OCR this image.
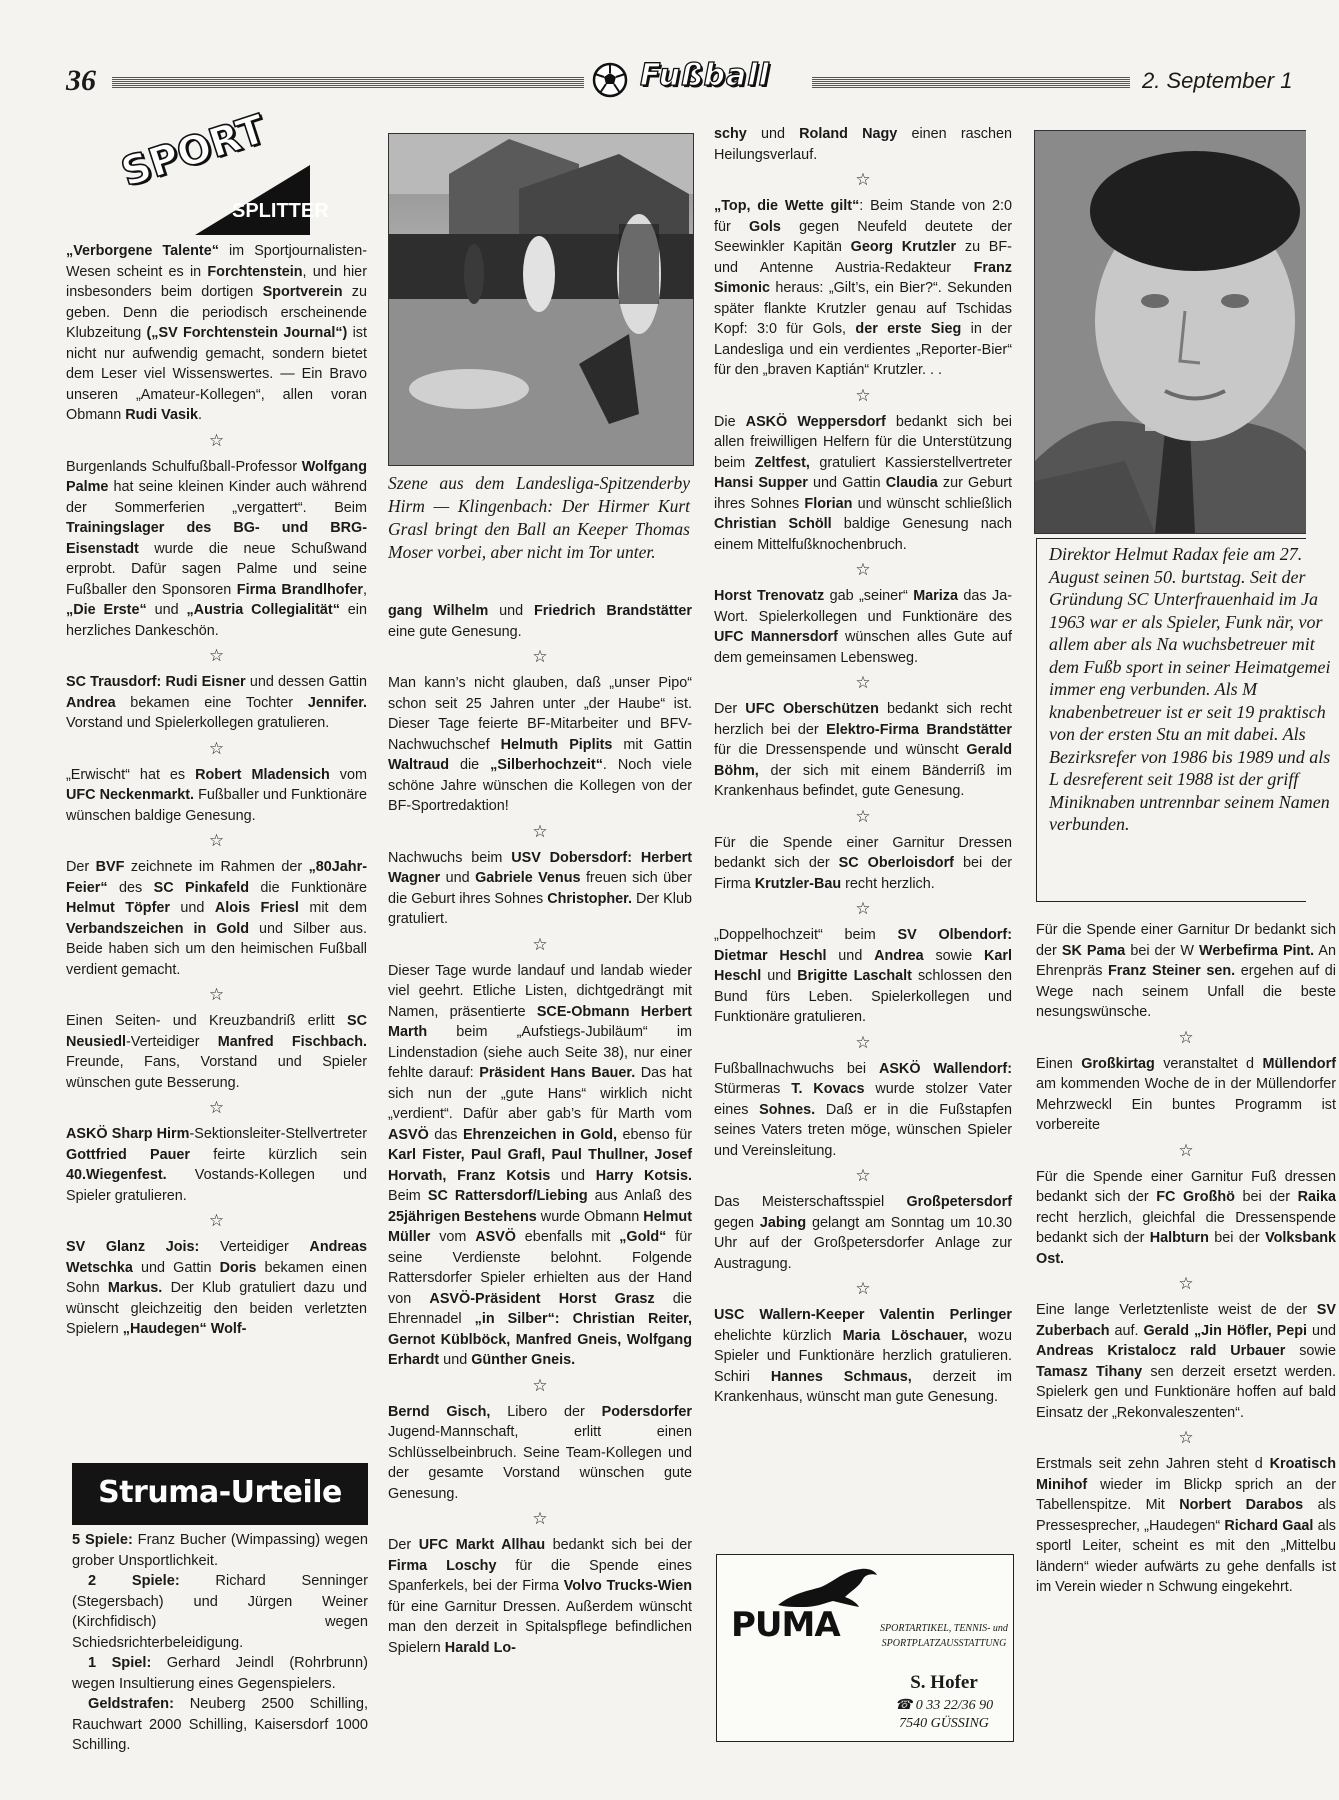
36	Fußball	2. September 1
SPORT
SPLITTER

„Verborgene Talente“ im Sportjournalisten-Wesen scheint es in Forchtenstein, und hier insbesonders beim dortigen Sportverein zu geben. Denn die periodisch erscheinende Klubzeitung („SV Forchtenstein Journal“) ist nicht nur aufwendig gemacht, sondern bietet dem Leser viel Wissenswertes. — Ein Bravo unseren „Amateur-Kollegen“, allen voran Obmann Rudi Vasik.

☆

Burgenlands Schulfußball-Professor Wolfgang Palme hat seine kleinen Kinder auch während der Sommerferien „vergattert“. Beim Trainingslager des BG- und BRG-Eisenstadt wurde die neue Schußwand erprobt. Dafür sagen Palme und seine Fußballer den Sponsoren Firma Brandlhofer, „Die Erste“ und „Austria Collegialität“ ein herzliches Dankeschön.

☆

SC Trausdorf: Rudi Eisner und dessen Gattin Andrea bekamen eine Tochter Jennifer. Vorstand und Spielerkollegen gratulieren.

☆

„Erwischt“ hat es Robert Mladensich vom UFC Neckenmarkt. Fußballer und Funktionäre wünschen baldige Genesung.

☆

Der BVF zeichnete im Rahmen der „80Jahr-Feier“ des SC Pinkafeld die Funktionäre Helmut Töpfer und Alois Friesl mit dem Verbandszeichen in Gold und Silber aus. Beide haben sich um den heimischen Fußball verdient gemacht.

☆

Einen Seiten- und Kreuzbandriß erlitt SC Neusiedl-Verteidiger Manfred Fischbach. Freunde, Fans, Vorstand und Spieler wünschen gute Besserung.

☆

ASKÖ Sharp Hirm-Sektionsleiter-Stellvertreter Gottfried Pauer feirte kürzlich sein 40.Wiegenfest. Vostands-Kollegen und Spieler gratulieren.

☆

SV Glanz Jois: Verteidiger Andreas Wetschka und Gattin Doris bekamen einen Sohn Markus. Der Klub gratuliert dazu und wünscht gleichzeitig den beiden verletzten Spielern „Haudegen“ Wolf-

Struma-Urteile

5 Spiele: Franz Bucher (Wimpassing) wegen grober Unsportlichkeit.

2 Spiele: Richard Senninger (Stegersbach) und Jürgen Weiner (Kirchfidisch) wegen Schiedsrichterbeleidigung.

1 Spiel: Gerhard Jeindl (Rohrbrunn) wegen Insultierung eines Gegenspielers.

Geldstrafen: Neuberg 2500 Schilling, Rauchwart 2000 Schilling, Kaisersdorf 1000 Schilling.

Szene aus dem Landesliga-Spitzenderby Hirm — Klingenbach: Der Hirmer Kurt Grasl bringt den Ball an Keeper Thomas Moser vorbei, aber nicht im Tor unter.

gang Wilhelm und Friedrich Brandstätter eine gute Genesung.

☆

Man kann’s nicht glauben, daß „unser Pipo“ schon seit 25 Jahren unter „der Haube“ ist. Dieser Tage feierte BF-Mitarbeiter und BFV-Nachwuchschef Helmuth Piplits mit Gattin Waltraud die „Silberhochzeit“. Noch viele schöne Jahre wünschen die Kollegen von der BF-Sportredaktion!

☆

Nachwuchs beim USV Dobersdorf: Herbert Wagner und Gabriele Venus freuen sich über die Geburt ihres Sohnes Christopher. Der Klub gratuliert.

☆

Dieser Tage wurde landauf und landab wieder viel geehrt. Etliche Listen, dichtgedrängt mit Namen, präsentierte SCE-Obmann Herbert Marth beim „Aufstiegs-Jubiläum“ im Lindenstadion (siehe auch Seite 38), nur einer fehlte darauf: Präsident Hans Bauer. Das hat sich nun der „gute Hans“ wirklich nicht „verdient“. Dafür aber gab’s für Marth vom ASVÖ das Ehrenzeichen in Gold, ebenso für Karl Fister, Paul Grafl, Paul Thullner, Josef Horvath, Franz Kotsis und Harry Kotsis. Beim SC Rattersdorf/Liebing aus Anlaß des 25jährigen Bestehens wurde Obmann Helmut Müller vom ASVÖ ebenfalls mit „Gold“ für seine Verdienste belohnt. Folgende Rattersdorfer Spieler erhielten aus der Hand von ASVÖ-Präsident Horst Grasz die Ehrennadel „in Silber“: Christian Reiter, Gernot Küblböck, Manfred Gneis, Wolfgang Erhardt und Günther Gneis.

☆

Bernd Gisch, Libero der Podersdorfer Jugend-Mannschaft, erlitt einen Schlüsselbeinbruch. Seine Team-Kollegen und der gesamte Vorstand wünschen gute Genesung.

☆

Der UFC Markt Allhau bedankt sich bei der Firma Loschy für die Spende eines Spanferkels, bei der Firma Volvo Trucks-Wien für eine Garnitur Dressen. Außerdem wünscht man den derzeit in Spitalspflege befindlichen Spielern Harald Lo-

schy und Roland Nagy einen raschen Heilungsverlauf.

☆

„Top, die Wette gilt“: Beim Stande von 2:0 für Gols gegen Neufeld deutete der Seewinkler Kapitän Georg Krutzler zu BF- und Antenne Austria-Redakteur Franz Simonic heraus: „Gilt’s, ein Bier?“. Sekunden später flankte Krutzler genau auf Tschidas Kopf: 3:0 für Gols, der erste Sieg in der Landesliga und ein verdientes „Reporter-Bier“ für den „braven Kaptián“ Krutzler. . .

☆

Die ASKÖ Weppersdorf bedankt sich bei allen freiwilligen Helfern für die Unterstützung beim Zeltfest, gratuliert Kassierstellvertreter Hansi Supper und Gattin Claudia zur Geburt ihres Sohnes Florian und wünscht schließlich Christian Schöll baldige Genesung nach einem Mittelfußknochenbruch.

☆

Horst Trenovatz gab „seiner“ Mariza das Ja-Wort. Spielerkollegen und Funktionäre des UFC Mannersdorf wünschen alles Gute auf dem gemeinsamen Lebensweg.

☆

Der UFC Oberschützen bedankt sich recht herzlich bei der Elektro-Firma Brandstätter für die Dressenspende und wünscht Gerald Böhm, der sich mit einem Bänderriß im Krankenhaus befindet, gute Genesung.

☆

Für die Spende einer Garnitur Dressen bedankt sich der SC Oberloisdorf bei der Firma Krutzler-Bau recht herzlich.

☆

„Doppelhochzeit“ beim SV Olbendorf: Dietmar Heschl und Andrea sowie Karl Heschl und Brigitte Laschalt schlossen den Bund fürs Leben. Spielerkollegen und Funktionäre gratulieren.

☆

Fußballnachwuchs bei ASKÖ Wallendorf: Stürmeras T. Kovacs wurde stolzer Vater eines Sohnes. Daß er in die Fußstapfen seines Vaters treten möge, wünschen Spieler und Vereinsleitung.

☆

Das Meisterschaftsspiel Großpetersdorf gegen Jabing gelangt am Sonntag um 10.30 Uhr auf der Großpetersdorfer Anlage zur Austragung.

☆

USC Wallern-Keeper Valentin Perlinger ehelichte kürzlich Maria Löschauer, wozu Spieler und Funktionäre herzlich gratulieren. Schiri Hannes Schmaus, derzeit im Krankenhaus, wünscht man gute Genesung.

PUMA	SPORTARTIKEL, TENNIS- und SPORTPLATZAUSSTATTUNG
S. Hofer
☎ 0 33 22/36 90
7540 GÜSSING
Direktor Helmut Radax feie am 27. August seinen 50. burtstag. Seit der Gründung SC Unterfrauenhaid im Ja 1963 war er als Spieler, Funk när, vor allem aber als Na wuchsbetreuer mit dem Fußb sport in seiner Heimatgemei immer eng verbunden. Als M knabenbetreuer ist er seit 19 praktisch von der ersten Stu an mit dabei. Als Bezirksrefer von 1986 bis 1989 und als L desreferent seit 1988 ist der griff Miniknaben untrennbar seinem Namen verbunden.

Für die Spende einer Garnitur Dr bedankt sich der SK Pama bei der W Werbefirma Pint. An Ehrenpräs Franz Steiner sen. ergehen auf di Wege nach seinem Unfall die beste nesungswünsche.

☆

Einen Großkirtag veranstaltet d Müllendorf am kommenden Woche de in der Müllendorfer Mehrzweckl Ein buntes Programm ist vorbereite

☆

Für die Spende einer Garnitur Fuß dressen bedankt sich der FC Großhö bei der Raika recht herzlich, gleichfal die Dressenspende bedankt sich der Halbturn bei der Volksbank Ost.

☆

Eine lange Verletztenliste weist de der SV Zuberbach auf. Gerald „Jin Höfler, Pepi und Andreas Kristalocz rald Urbauer sowie Tamasz Tihany sen derzeit ersetzt werden. Spielerk gen und Funktionäre hoffen auf bald Einsatz der „Rekonvaleszenten“.

☆

Erstmals seit zehn Jahren steht d Kroatisch Minihof wieder im Blickp sprich an der Tabellenspitze. Mit Norbert Darabos als Pressesprecher, „Haudegen“ Richard Gaal als sportl Leiter, scheint es mit den „Mittelbu ländern“ wieder aufwärts zu gehe denfalls ist im Verein wieder n Schwung eingekehrt.
